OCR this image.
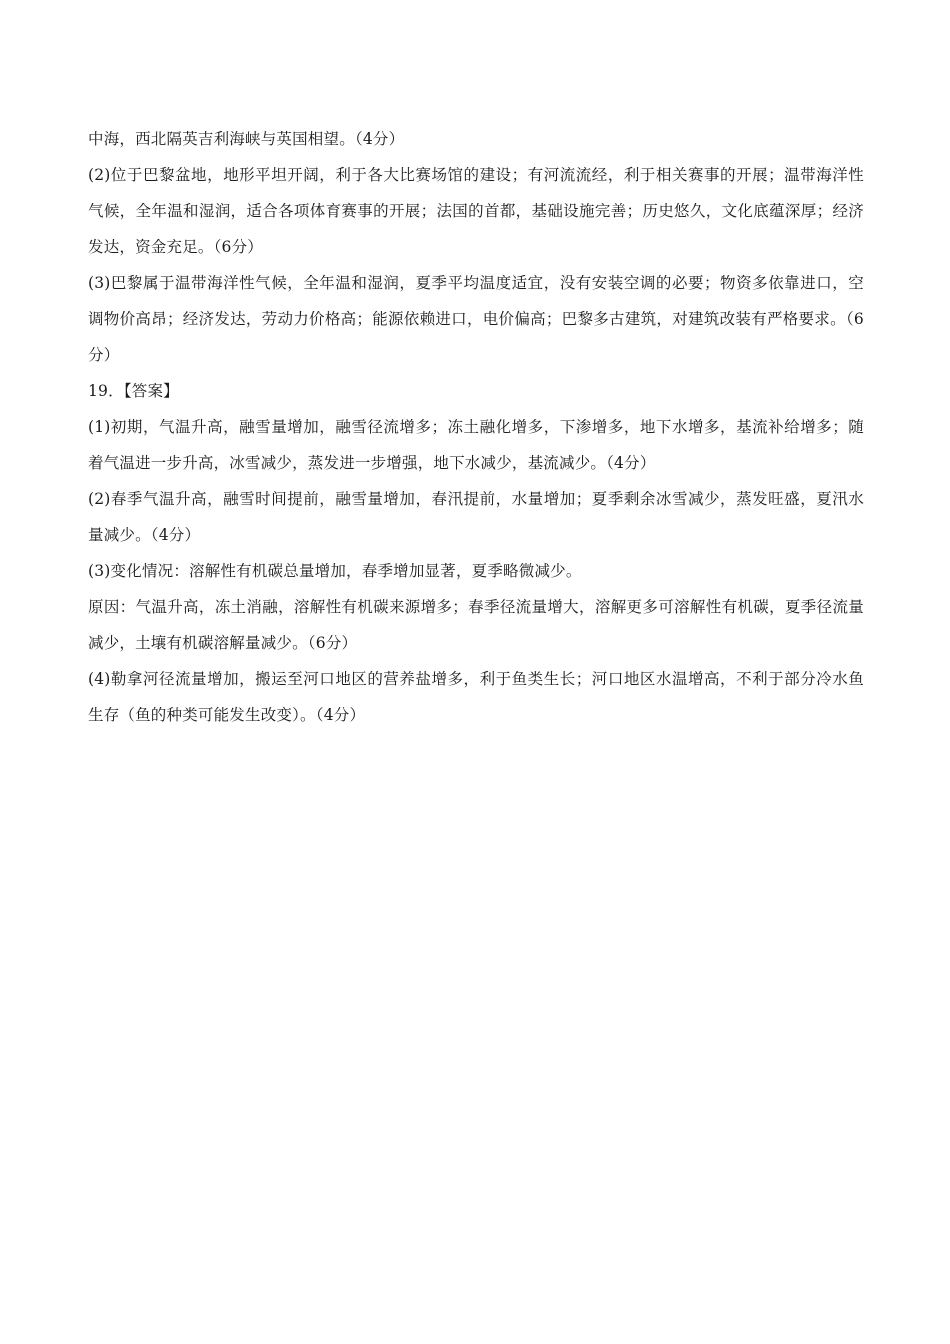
中海，西北隔英吉利海峡与英国相望。（4分）

(2)位于巴黎盆地，地形平坦开阔，利于各大比赛场馆的建设；有河流流经，利于相关赛事的开展；温带海洋性气候，全年温和湿润，适合各项体育赛事的开展；法国的首都，基础设施完善；历史悠久，文化底蕴深厚；经济发达，资金充足。（6分）

(3)巴黎属于温带海洋性气候，全年温和湿润，夏季平均温度适宜，没有安装空调的必要；物资多依靠进口，空调物价高昂；经济发达，劳动力价格高；能源依赖进口，电价偏高；巴黎多古建筑，对建筑改装有严格要求。（6分）

19．【答案】

(1)初期，气温升高，融雪量增加，融雪径流增多；冻土融化增多，下渗增多，地下水增多，基流补给增多；随着气温进一步升高，冰雪减少，蒸发进一步增强，地下水减少，基流减少。（4分）

(2)春季气温升高，融雪时间提前，融雪量增加，春汛提前，水量增加；夏季剩余冰雪减少，蒸发旺盛，夏汛水量减少。（4分）

(3)变化情况：溶解性有机碳总量增加，春季增加显著，夏季略微减少。

原因：气温升高，冻土消融，溶解性有机碳来源增多；春季径流量增大，溶解更多可溶解性有机碳，夏季径流量减少，土壤有机碳溶解量减少。（6分）

(4)勒拿河径流量增加，搬运至河口地区的营养盐增多，利于鱼类生长；河口地区水温增高，不利于部分冷水鱼生存（鱼的种类可能发生改变）。（4分）
